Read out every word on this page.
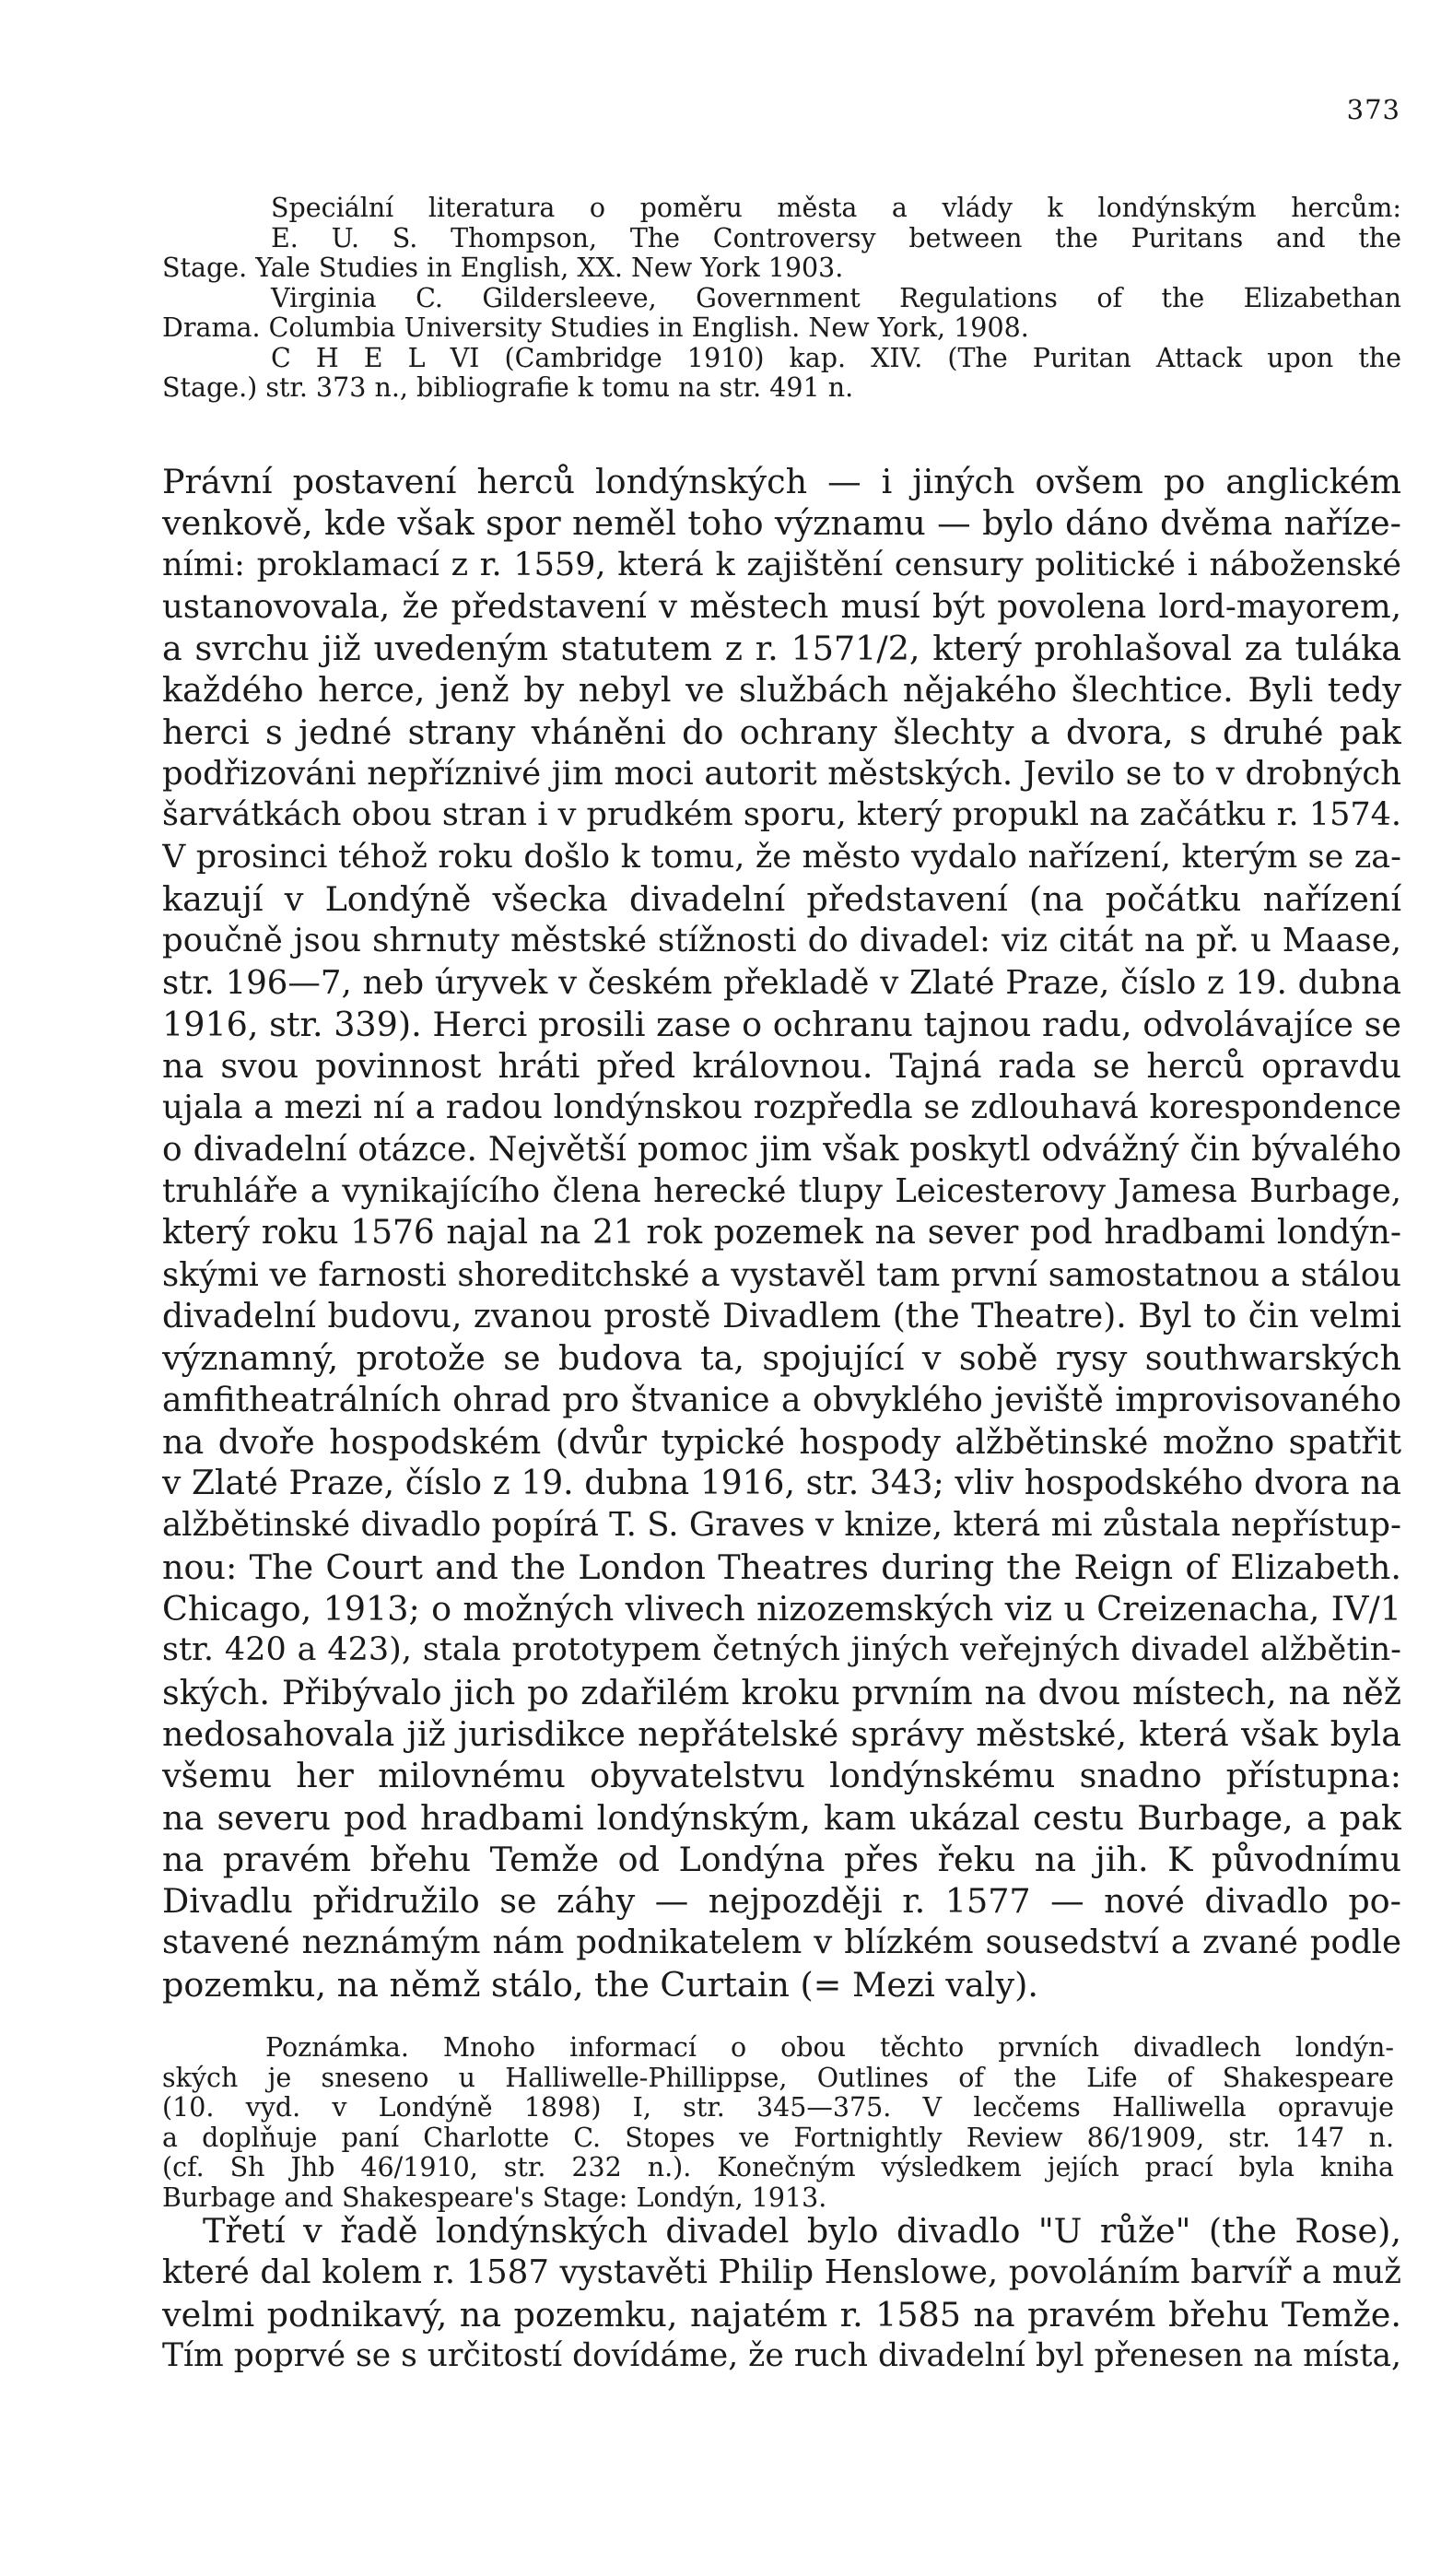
373
Speciální literatura o poměru města a vlády k londýnským hercům:
E. U. S. Thompson, The Controversy between the Puritans and the
Stage. Yale Studies in English, XX. New York 1903.
Virginia C. Gildersleeve, Government Regulations of the Elizabethan
Drama. Columbia University Studies in English. New York, 1908.
C H E L VI (Cambridge 1910) kap. XIV. (The Puritan Attack upon the
Stage.) str. 373 n., bibliografie k tomu na str. 491 n.
Právní postavení herců londýnských — i jiných ovšem po anglickém
venkově, kde však spor neměl toho významu — bylo dáno dvěma naříze-
ními: proklamací z r. 1559, která k zajištění censury politické i náboženské
ustanovovala, že představení v městech musí být povolena lord-mayorem,
a svrchu již uvedeným statutem z r. 1571/2, který prohlašoval za tuláka
každého herce, jenž by nebyl ve službách nějakého šlechtice. Byli tedy
herci s jedné strany vháněni do ochrany šlechty a dvora, s druhé pak
podřizováni nepříznivé jim moci autorit městských. Jevilo se to v drobných
šarvátkách obou stran i v prudkém sporu, který propukl na začátku r. 1574.
V prosinci téhož roku došlo k tomu, že město vydalo nařízení, kterým se za-
kazují v Londýně všecka divadelní představení (na počátku nařízení
poučně jsou shrnuty městské stížnosti do divadel: viz citát na př. u Maase,
str. 196—7, neb úryvek v českém překladě v Zlaté Praze, číslo z 19. dubna
1916, str. 339). Herci prosili zase o ochranu tajnou radu, odvolávajíce se
na svou povinnost hráti před královnou. Tajná rada se herců opravdu
ujala a mezi ní a radou londýnskou rozpředla se zdlouhavá korespondence
o divadelní otázce. Největší pomoc jim však poskytl odvážný čin bývalého
truhláře a vynikajícího člena herecké tlupy Leicesterovy Jamesa Burbage,
který roku 1576 najal na 21 rok pozemek na sever pod hradbami londýn-
skými ve farnosti shoreditchské a vystavěl tam první samostatnou a stálou
divadelní budovu, zvanou prostě Divadlem (the Theatre). Byl to čin velmi
významný, protože se budova ta, spojující v sobě rysy southwarských
amfitheatrálních ohrad pro štvanice a obvyklého jeviště improvisovaného
na dvoře hospodském (dvůr typické hospody alžbětinské možno spatřit
v Zlaté Praze, číslo z 19. dubna 1916, str. 343; vliv hospodského dvora na
alžbětinské divadlo popírá T. S. Graves v knize, která mi zůstala nepřístup-
nou: The Court and the London Theatres during the Reign of Elizabeth.
Chicago, 1913; o možných vlivech nizozemských viz u Creizenacha, IV/1
str. 420 a 423), stala prototypem četných jiných veřejných divadel alžbětin-
ských. Přibývalo jich po zdařilém kroku prvním na dvou místech, na něž
nedosahovala již jurisdikce nepřátelské správy městské, která však byla
všemu her milovnému obyvatelstvu londýnskému snadno přístupna:
na severu pod hradbami londýnským, kam ukázal cestu Burbage, a pak
na pravém břehu Temže od Londýna přes řeku na jih. K původnímu
Divadlu přidružilo se záhy — nejpozději r. 1577 — nové divadlo po-
stavené neznámým nám podnikatelem v blízkém sousedství a zvané podle
pozemku, na němž stálo, the Curtain (= Mezi valy).
Poznámka. Mnoho informací o obou těchto prvních divadlech londýn-
ských je sneseno u Halliwelle-Phillippse, Outlines of the Life of Shakespeare
(10. vyd. v Londýně 1898) I, str. 345—375. V lecčems Halliwella opravuje
a doplňuje paní Charlotte C. Stopes ve Fortnightly Review 86/1909, str. 147 n.
(cf. Sh Jhb 46/1910, str. 232 n.). Konečným výsledkem jejích prací byla kniha
Burbage and Shakespeare's Stage: Londýn, 1913.
Třetí v řadě londýnských divadel bylo divadlo "U růže" (the Rose),
které dal kolem r. 1587 vystavěti Philip Henslowe, povoláním barvíř a muž
velmi podnikavý, na pozemku, najatém r. 1585 na pravém břehu Temže.
Tím poprvé se s určitostí dovídáme, že ruch divadelní byl přenesen na místa,
